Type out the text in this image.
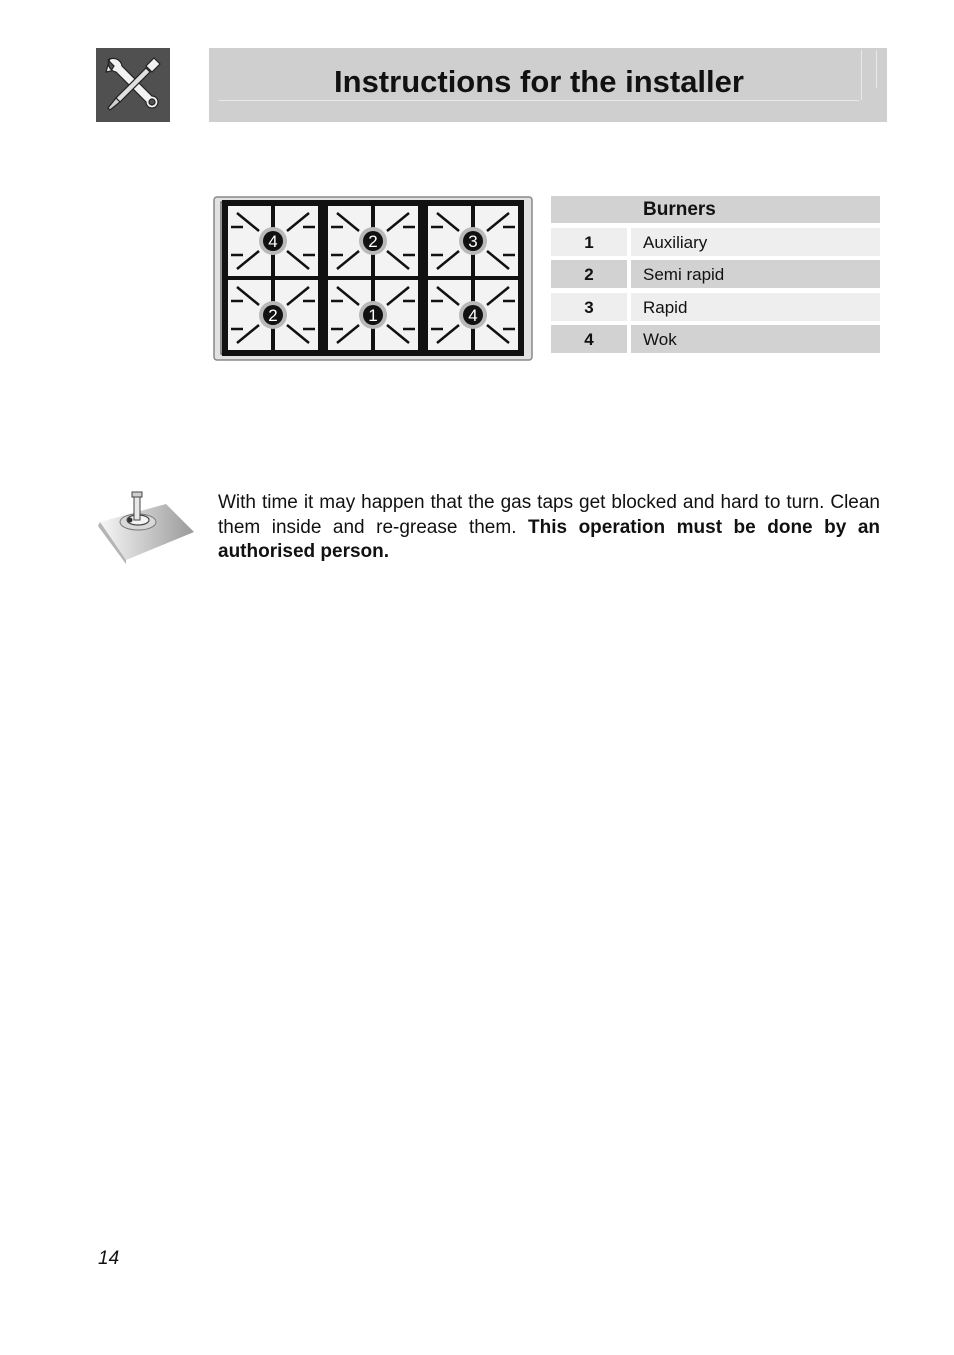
Instructions for the installer
4	2	3
2	1	4
Burners
1	Auxiliary
2	Semi rapid
3	Rapid
4	Wok
With time it may happen that the gas taps get blocked and hard to turn. Clean them inside and re-grease them. This operation must be done by an authorised person.
14
